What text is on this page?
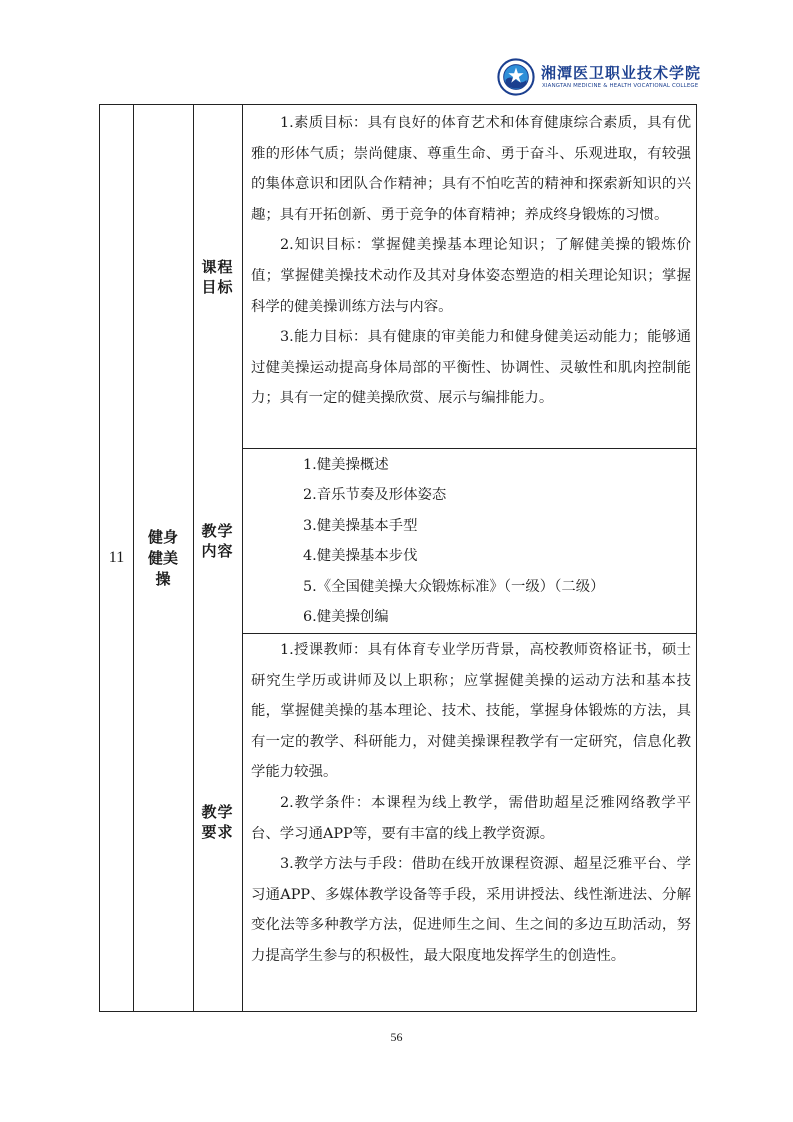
湘潭医卫职业技术学院
XIANGTAN MEDICINE & HEALTH VOCATIONAL COLLEGE
11
健身健美操
课程目标

1.素质目标：具有良好的体育艺术和体育健康综合素质，具有优雅的形体气质；崇尚健康、尊重生命、勇于奋斗、乐观进取，有较强的集体意识和团队合作精神；具有不怕吃苦的精神和探索新知识的兴趣；具有开拓创新、勇于竞争的体育精神；养成终身锻炼的习惯。

2.知识目标：掌握健美操基本理论知识；了解健美操的锻炼价值；掌握健美操技术动作及其对身体姿态塑造的相关理论知识；掌握科学的健美操训练方法与内容。

3.能力目标：具有健康的审美能力和健身健美运动能力；能够通过健美操运动提高身体局部的平衡性、协调性、灵敏性和肌肉控制能力；具有一定的健美操欣赏、展示与编排能力。

教学内容

1.健美操概述

2.音乐节奏及形体姿态

3.健美操基本手型

4.健美操基本步伐

5.《全国健美操大众锻炼标准》（一级）（二级）

6.健美操创编

教学要求

1.授课教师：具有体育专业学历背景，高校教师资格证书，硕士研究生学历或讲师及以上职称；应掌握健美操的运动方法和基本技能，掌握健美操的基本理论、技术、技能，掌握身体锻炼的方法，具有一定的教学、科研能力，对健美操课程教学有一定研究，信息化教学能力较强。

2.教学条件：本课程为线上教学，需借助超星泛雅网络教学平台、学习通APP等，要有丰富的线上教学资源。

3.教学方法与手段：借助在线开放课程资源、超星泛雅平台、学习通APP、多媒体教学设备等手段，采用讲授法、线性渐进法、分解变化法等多种教学方法，促进师生之间、生之间的多边互助活动，努力提高学生参与的积极性，最大限度地发挥学生的创造性。

56
